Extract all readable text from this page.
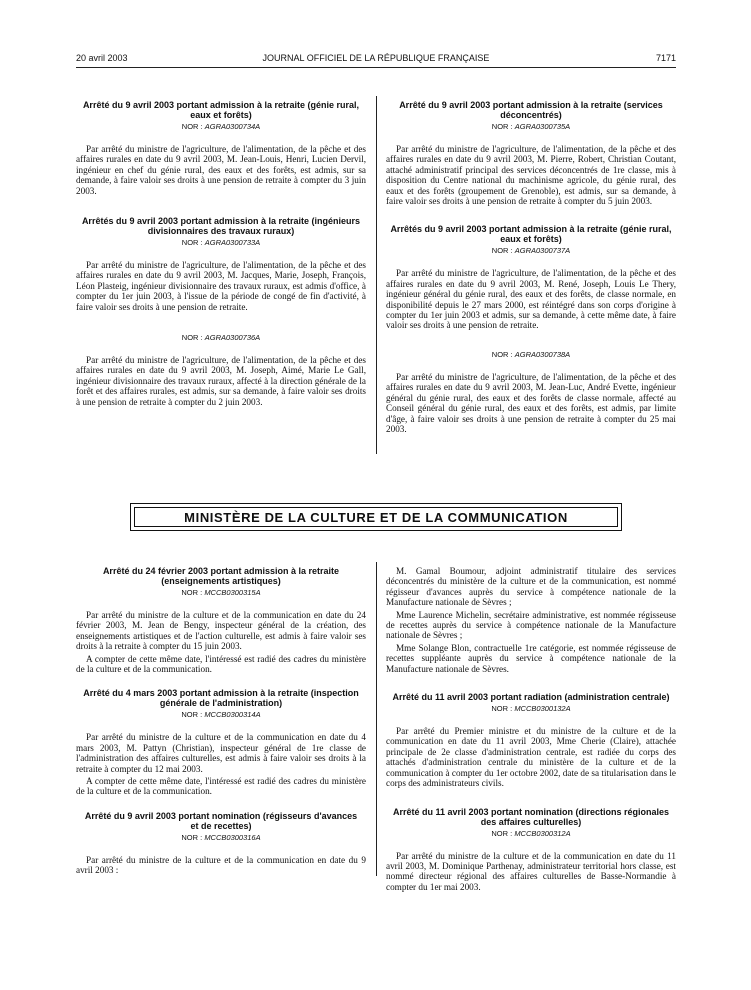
20 avril 2003	JOURNAL OFFICIEL DE LA RÉPUBLIQUE FRANÇAISE	7171
Arrêté du 9 avril 2003 portant admission à la retraite (génie rural, eaux et forêts)
NOR : AGRA0300734A

Par arrêté du ministre de l'agriculture, de l'alimentation, de la pêche et des affaires rurales en date du 9 avril 2003, M. Jean-Louis, Henri, Lucien Dervil, ingénieur en chef du génie rural, des eaux et des forêts, est admis, sur sa demande, à faire valoir ses droits à une pension de retraite à compter du 3 juin 2003.

Arrêtés du 9 avril 2003 portant admission à la retraite (ingénieurs divisionnaires des travaux ruraux)
NOR : AGRA0300733A

Par arrêté du ministre de l'agriculture, de l'alimentation, de la pêche et des affaires rurales en date du 9 avril 2003, M. Jacques, Marie, Joseph, François, Léon Plasteig, ingénieur divisionnaire des travaux ruraux, est admis d'office, à compter du 1er juin 2003, à l'issue de la période de congé de fin d'activité, à faire valoir ses droits à une pension de retraite.

NOR : AGRA0300736A

Par arrêté du ministre de l'agriculture, de l'alimentation, de la pêche et des affaires rurales en date du 9 avril 2003, M. Joseph, Aimé, Marie Le Gall, ingénieur divisionnaire des travaux ruraux, affecté à la direction générale de la forêt et des affaires rurales, est admis, sur sa demande, à faire valoir ses droits à une pension de retraite à compter du 2 juin 2003.

Arrêté du 9 avril 2003 portant admission à la retraite (services déconcentrés)
NOR : AGRA0300735A

Par arrêté du ministre de l'agriculture, de l'alimentation, de la pêche et des affaires rurales en date du 9 avril 2003, M. Pierre, Robert, Christian Coutant, attaché administratif principal des services déconcentrés de 1re classe, mis à disposition du Centre national du machinisme agricole, du génie rural, des eaux et des forêts (groupement de Grenoble), est admis, sur sa demande, à faire valoir ses droits à une pension de retraite à compter du 5 juin 2003.

Arrêtés du 9 avril 2003 portant admission à la retraite (génie rural, eaux et forêts)
NOR : AGRA0300737A

Par arrêté du ministre de l'agriculture, de l'alimentation, de la pêche et des affaires rurales en date du 9 avril 2003, M. René, Joseph, Louis Le Thery, ingénieur général du génie rural, des eaux et des forêts, de classe normale, en disponibilité depuis le 27 mars 2000, est réintégré dans son corps d'origine à compter du 1er juin 2003 et admis, sur sa demande, à cette même date, à faire valoir ses droits à une pension de retraite.

NOR : AGRA0300738A

Par arrêté du ministre de l'agriculture, de l'alimentation, de la pêche et des affaires rurales en date du 9 avril 2003, M. Jean-Luc, André Evette, ingénieur général du génie rural, des eaux et des forêts de classe normale, affecté au Conseil général du génie rural, des eaux et des forêts, est admis, par limite d'âge, à faire valoir ses droits à une pension de retraite à compter du 25 mai 2003.

MINISTÈRE DE LA CULTURE ET DE LA COMMUNICATION
Arrêté du 24 février 2003 portant admission à la retraite (enseignements artistiques)
NOR : MCCB0300315A

Par arrêté du ministre de la culture et de la communication en date du 24 février 2003, M. Jean de Bengy, inspecteur général de la création, des enseignements artistiques et de l'action culturelle, est admis à faire valoir ses droits à la retraite à compter du 15 juin 2003.

A compter de cette même date, l'intéressé est radié des cadres du ministère de la culture et de la communication.

Arrêté du 4 mars 2003 portant admission à la retraite (inspection générale de l'administration)
NOR : MCCB0300314A

Par arrêté du ministre de la culture et de la communication en date du 4 mars 2003, M. Pattyn (Christian), inspecteur général de 1re classe de l'administration des affaires culturelles, est admis à faire valoir ses droits à la retraite à compter du 12 mai 2003.

A compter de cette même date, l'intéressé est radié des cadres du ministère de la culture et de la communication.

Arrêté du 9 avril 2003 portant nomination (régisseurs d'avances et de recettes)
NOR : MCCB0300316A

Par arrêté du ministre de la culture et de la communication en date du 9 avril 2003 :

M. Gamal Boumour, adjoint administratif titulaire des services déconcentrés du ministère de la culture et de la communication, est nommé régisseur d'avances auprès du service à compétence nationale de la Manufacture nationale de Sèvres ;

Mme Laurence Michelin, secrétaire administrative, est nommée régisseuse de recettes auprès du service à compétence nationale de la Manufacture nationale de Sèvres ;

Mme Solange Blon, contractuelle 1re catégorie, est nommée régisseuse de recettes suppléante auprès du service à compétence nationale de la Manufacture nationale de Sèvres.

Arrêté du 11 avril 2003 portant radiation (administration centrale)
NOR : MCCB0300132A

Par arrêté du Premier ministre et du ministre de la culture et de la communication en date du 11 avril 2003, Mme Cherie (Claire), attachée principale de 2e classe d'administration centrale, est radiée du corps des attachés d'administration centrale du ministère de la culture et de la communication à compter du 1er octobre 2002, date de sa titularisation dans le corps des administrateurs civils.

Arrêté du 11 avril 2003 portant nomination (directions régionales des affaires culturelles)
NOR : MCCB0300312A

Par arrêté du ministre de la culture et de la communication en date du 11 avril 2003, M. Dominique Parthenay, administrateur territorial hors classe, est nommé directeur régional des affaires culturelles de Basse-Normandie à compter du 1er mai 2003.
